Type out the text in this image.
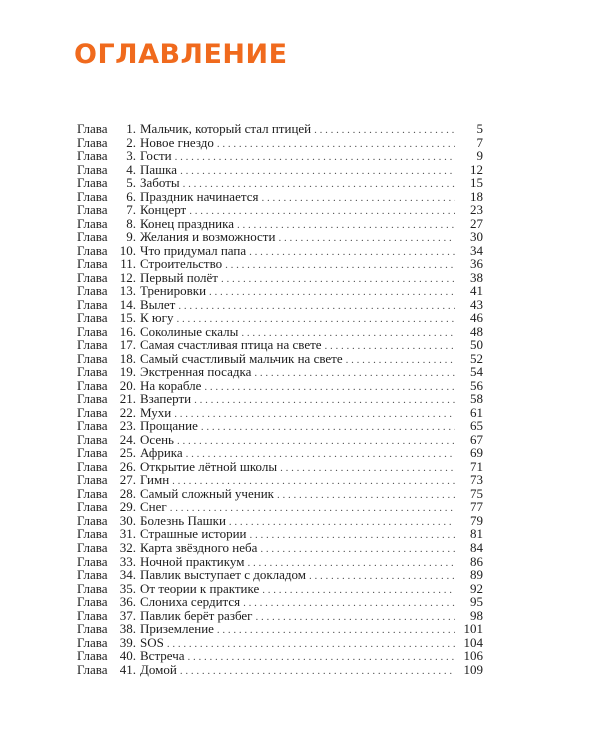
ОГЛАВЛЕНИЕ
Глава	1. Мальчик, который стал птицей . . .	5
Глава	2. Новое гнездо . . .	7
Глава	3. Гости . . .	9
Глава	4. Пашка . . .	12
Глава	5. Заботы . . .	15
Глава	6. Праздник начинается . . .	18
Глава	7. Концерт . . .	23
Глава	8. Конец праздника . . .	27
Глава	9. Желания и возможности . . .	30
Глава 10. Что придумал папа . . .	34
Глава 11. Строительство . . .	36
Глава 12. Первый полёт . . .	38
Глава 13. Тренировки . . .	41
Глава 14. Вылет . . .	43
Глава 15. К югу . . .	46
Глава 16. Соколиные скалы . . .	48
Глава 17. Самая счастливая птица на свете . . .	50
Глава 18. Самый счастливый мальчик на свете . . .	52
Глава 19. Экстренная посадка . . .	54
Глава 20. На корабле . . .	56
Глава 21. Взаперти . . .	58
Глава 22. Мухи . . .	61
Глава 23. Прощание . . .	65
Глава 24. Осень . . .	67
Глава 25. Африка . . .	69
Глава 26. Открытие лётной школы . . .	71
Глава 27. Гимн . . .	73
Глава 28. Самый сложный ученик . . .	75
Глава 29. Снег . . .	77
Глава 30. Болезнь Пашки . . .	79
Глава 31. Страшные истории . . .	81
Глава 32. Карта звёздного неба . . .	84
Глава 33. Ночной практикум . . .	86
Глава 34. Павлик выступает с докладом . . .	89
Глава 35. От теории к практике . . .	92
Глава 36. Слониха сердится . . .	95
Глава 37. Павлик берёт разбег . . .	98
Глава 38. Приземление . . .	101
Глава 39. SOS . . .	104
Глава 40. Встреча . . .	106
Глава 41. Домой . . .	109
